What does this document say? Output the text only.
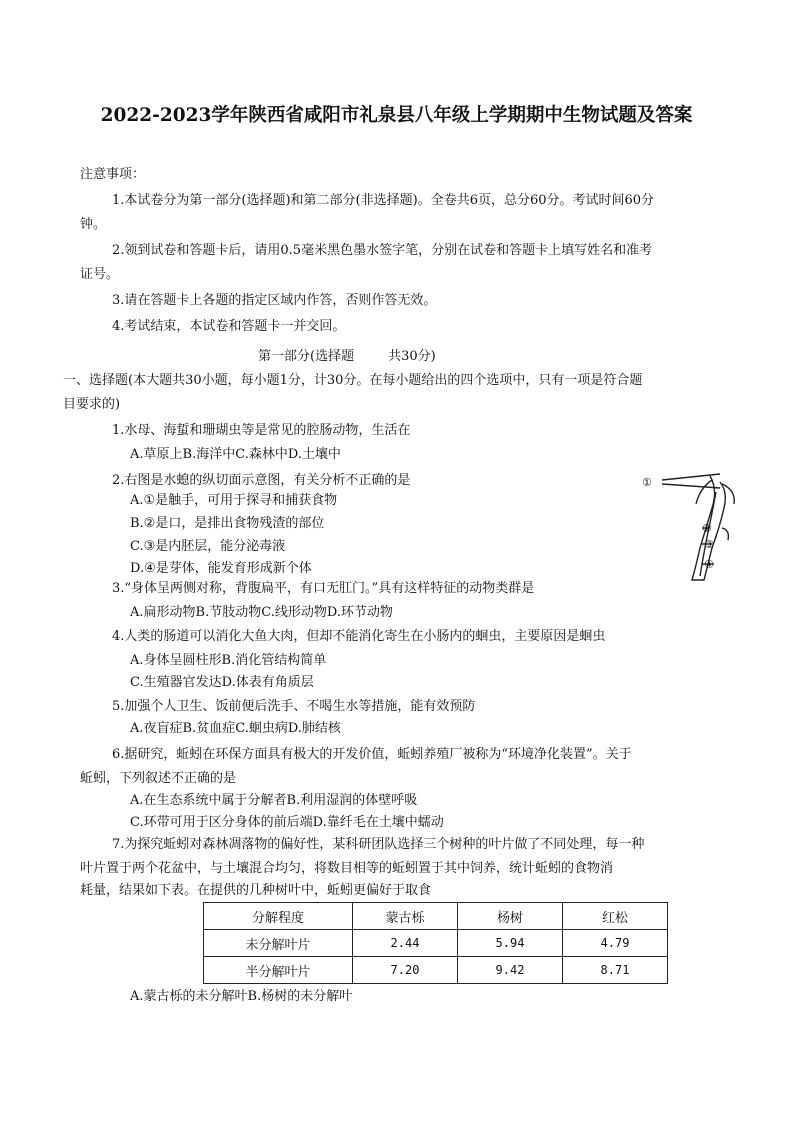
2022-2023学年陕西省咸阳市礼泉县八年级上学期期中生物试题及答案
注意事项：
1.本试卷分为第一部分(选择题)和第二部分(非选择题)。全卷共6页，总分60分。考试时间60分
钟。
2.领到试卷和答题卡后，请用0.5毫米黑色墨水签字笔，分别在试卷和答题卡上填写姓名和准考
证号。
3.请在答题卡上各题的指定区域内作答，否则作答无效。
4.考试结束，本试卷和答题卡一并交回。
第一部分(选择题	共30分)
一、选择题(本大题共30小题，每小题1分，计30分。在每小题给出的四个选项中，只有一项是符合题
目要求的)
1.水母、海蜇和珊瑚虫等是常见的腔肠动物，生活在
A.草原上B.海洋中C.森林中D.土壤中
2.右图是水螅的纵切面示意图，有关分析不正确的是
A.①是触手，可用于探寻和捕获食物
B.②是口，是排出食物残渣的部位
C.③是内胚层，能分泌毒液
D.④是芽体，能发育形成新个体
①
②
③
④
3.“身体呈两侧对称，背腹扁平，有口无肛门。”具有这样特征的动物类群是
A.扁形动物B.节肢动物C.线形动物D.环节动物
4.人类的肠道可以消化大鱼大肉，但却不能消化寄生在小肠内的蛔虫，主要原因是蛔虫
A.身体呈圆柱形B.消化管结构简单
C.生殖器官发达D.体表有角质层
5.加强个人卫生、饭前便后洗手、不喝生水等措施，能有效预防
A.夜盲症B.贫血症C.蛔虫病D.肺结核
6.据研究，蚯蚓在环保方面具有极大的开发价值，蚯蚓养殖厂被称为“环境净化装置”。关于
蚯蚓，下列叙述不正确的是
A.在生态系统中属于分解者B.利用湿润的体壁呼吸
C.环带可用于区分身体的前后端D.靠纤毛在土壤中蠕动
7.为探究蚯蚓对森林凋落物的偏好性，某科研团队选择三个树种的叶片做了不同处理，每一种
叶片置于两个花盆中，与土壤混合均匀，将数目相等的蚯蚓置于其中饲养，统计蚯蚓的食物消
耗量，结果如下表。在提供的几种树叶中，蚯蚓更偏好于取食
分解程度	蒙古栎	杨树	红松
未分解叶片	2.44	5.94	4.79
半分解叶片	7.20	9.42	8.71
A.蒙古栎的未分解叶B.杨树的未分解叶
